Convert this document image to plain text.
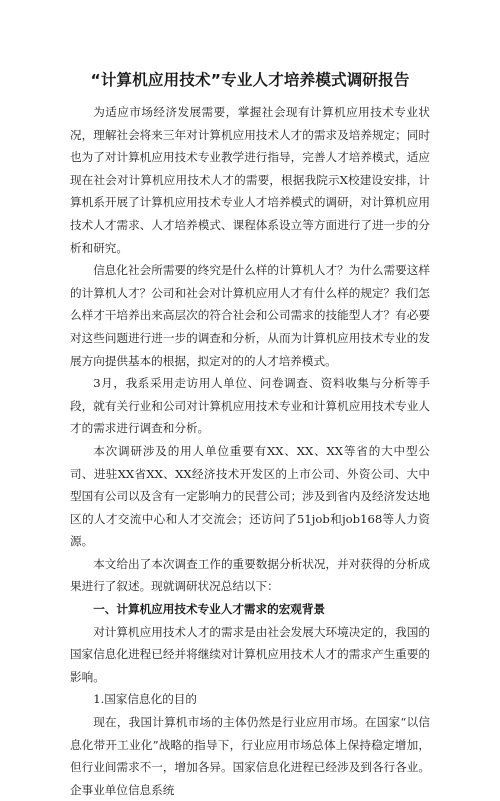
“计算机应用技术”专业人才培养模式调研报告

为适应市场经济发展需要，掌握社会现有计算机应用技术专业状况，理解社会将来三年对计算机应用技术人才的需求及培养规定；同时也为了对计算机应用技术专业教学进行指导，完善人才培养模式，适应现在社会对计算机应用技术人才的需要，根据我院示X校建设安排，计算机系开展了计算机应用技术专业人才培养模式的调研，对计算机应用技术人才需求、人才培养模式、课程体系设立等方面进行了进一步的分析和研究。

信息化社会所需要的终究是什么样的计算机人才？为什么需要这样的计算机人才？公司和社会对计算机应用人才有什么样的规定？我们怎么样才干培养出来高层次的符合社会和公司需求的技能型人才？有必要对这些问题进行进一步的调查和分析，从而为计算机应用技术专业的发展方向提供基本的根据，拟定对的的人才培养模式。

3月，我系采用走访用人单位、问卷调查、资料收集与分析等手段，就有关行业和公司对计算机应用技术专业和计算机应用技术专业人才的需求进行调查和分析。

本次调研涉及的用人单位重要有XX、XX、XX等省的大中型公司、进驻XX省XX、XX经济技术开发区的上市公司、外资公司、大中型国有公司以及含有一定影响力的民营公司；涉及到省内及经济发达地区的人才交流中心和人才交流会；还访问了51job和job168等人力资源。

本文给出了本次调查工作的重要数据分析状况，并对获得的分析成果进行了叙述。现就调研状况总结以下：

一、计算机应用技术专业人才需求的宏观背景

对计算机应用技术人才的需求是由社会发展大环境决定的，我国的国家信息化进程已经并将继续对计算机应用技术人才的需求产生重要的影响。

1.国家信息化的目的

现在，我国计算机市场的主体仍然是行业应用市场。在国家“以信息化带开工业化”战略的指导下，行业应用市场总体上保持稳定增加，但行业间需求不一，增加各异。国家信息化进程已经涉及到各行各业。企事业单位信息系统
